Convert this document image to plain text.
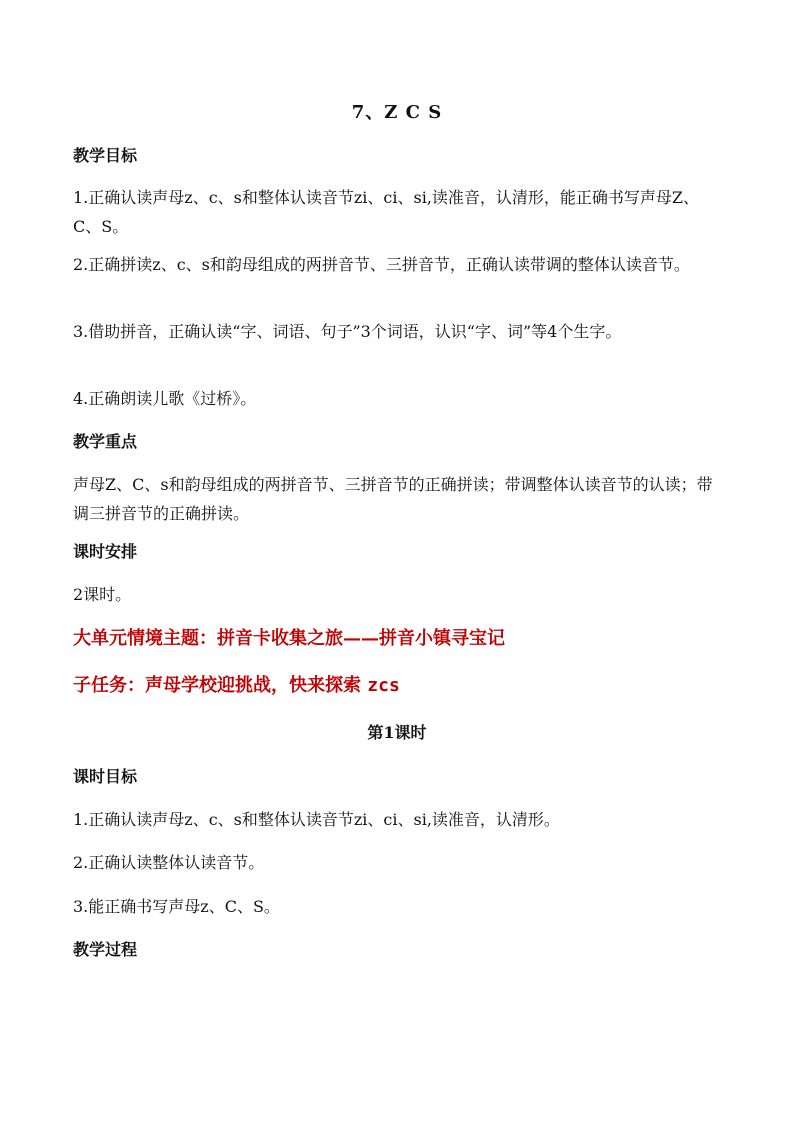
7、Z C S
教学目标

1.正确认读声母z、c、s和整体认读音节zi、ci、si,读准音，认清形，能正确书写声母Z、C、S。

2.正确拼读z、c、s和韵母组成的两拼音节、三拼音节，正确认读带调的整体认读音节。

3.借助拼音，正确认读“字、词语、句子”3个词语，认识“字、词”等4个生字。

4.正确朗读儿歌《过桥》。

教学重点

声母Z、C、s和韵母组成的两拼音节、三拼音节的正确拼读；带调整体认读音节的认读；带调三拼音节的正确拼读。

课时安排

2课时。

大单元情境主题：拼音卡收集之旅——拼音小镇寻宝记
子任务：声母学校迎挑战，快来探索 zcs
第1课时
课时目标

1.正确认读声母z、c、s和整体认读音节zi、ci、si,读准音，认清形。

2.正确认读整体认读音节。

3.能正确书写声母z、C、S。

教学过程
